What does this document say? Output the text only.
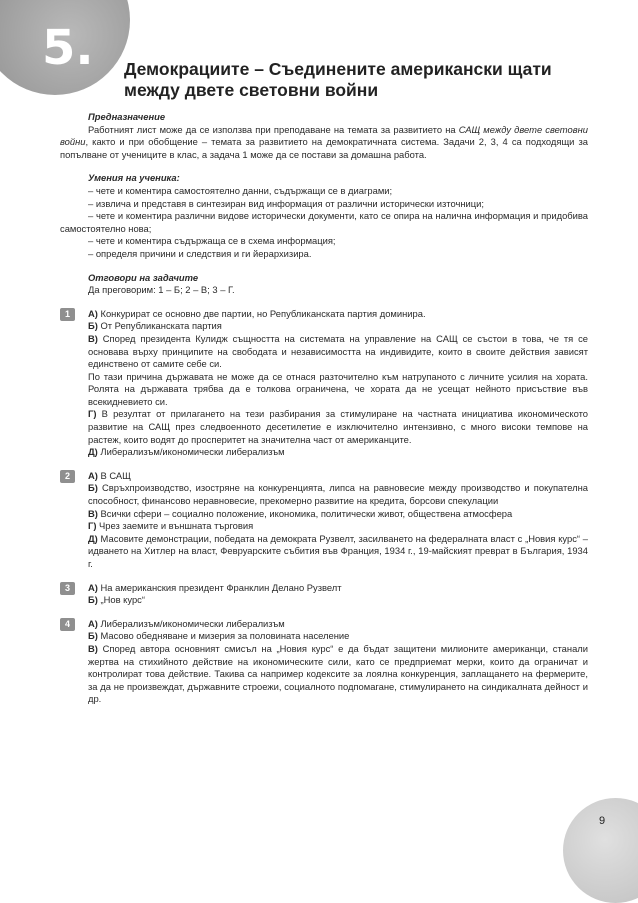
5. Демокрациите – Съединените американски щати
между двете световни войни

Предназначение

Работният лист може да се използва при преподаване на темата за развитието на САЩ между двете световни войни, както и при обобщение – темата за развитието на демократичната система. Задачи 2, 3, 4 са подходящи за попълване от учениците в клас, а задача 1 може да се постави за домашна работа.

Умения на ученика:

– чете и коментира самостоятелно данни, съдържащи се в диаграми;

– извлича и представя в синтезиран вид информация от различни исторически източници;

– чете и коментира различни видове исторически документи, като се опира на налична информация и придобива самостоятелно нова;

– чете и коментира съдържаща се в схема информация;

– определя причини и следствия и ги йерархизира.

Отговори на задачите

Да преговорим: 1 – Б; 2 – В; 3 – Г.

1	А) Конкурират се основно две партии, но Републиканската партия доминира.

Б) От Републиканската партия

В) Според президента Кулидж същността на системата на управление на САЩ се състои в това, че тя се основава върху принципите на свободата и независимостта на индивидите, които в своите действия зависят единствено от самите себе си.

По тази причина държавата не може да се отнася разточително към натрупаното с личните усилия на хората. Ролята на държавата трябва да е толкова ограничена, че хората да не усещат нейното присъствие във всекидневието си.

Г) В резултат от прилагането на тези разбирания за стимулиране на частната инициатива икономическото развитие на САЩ през следвоенното десетилетие е изключително интензивно, с много високи темпове на растеж, които водят до просперитет на значителна част от американците.

Д) Либерализъм/икономически либерализъм

2	А) В САЩ

Б) Свръхпроизводство, изостряне на конкуренцията, липса на равновесие между производство и покупателна способност, финансово неравновесие, прекомерно развитие на кредита, борсови спекулации

В) Всички сфери – социално положение, икономика, политически живот, обществена атмосфера

Г) Чрез заемите и външната търговия

Д) Масовите демонстрации, победата на демократа Рузвелт, засилването на федералната власт с „Новия курс“ – идването на Хитлер на власт, Февруарските събития във Франция, 1934 г., 19-майският преврат в България, 1934 г.

3	А) На американския президент Франклин Делано Рузвелт

Б) „Нов курс“

4	А) Либерализъм/икономически либерализъм

Б) Масово обедняване и мизерия за половината население

В) Според автора основният смисъл на „Новия курс“ е да бъдат защитени милионите американци, станали жертва на стихийното действие на икономическите сили, като се предприемат мерки, които да ограничат и контролират това действие. Такива са например кодексите за лоялна конкуренция, заплащането на фермерите, за да не произвеждат, държавните строежи, социалното подпомагане, стимулирането на синдикалната дейност и др.

9
